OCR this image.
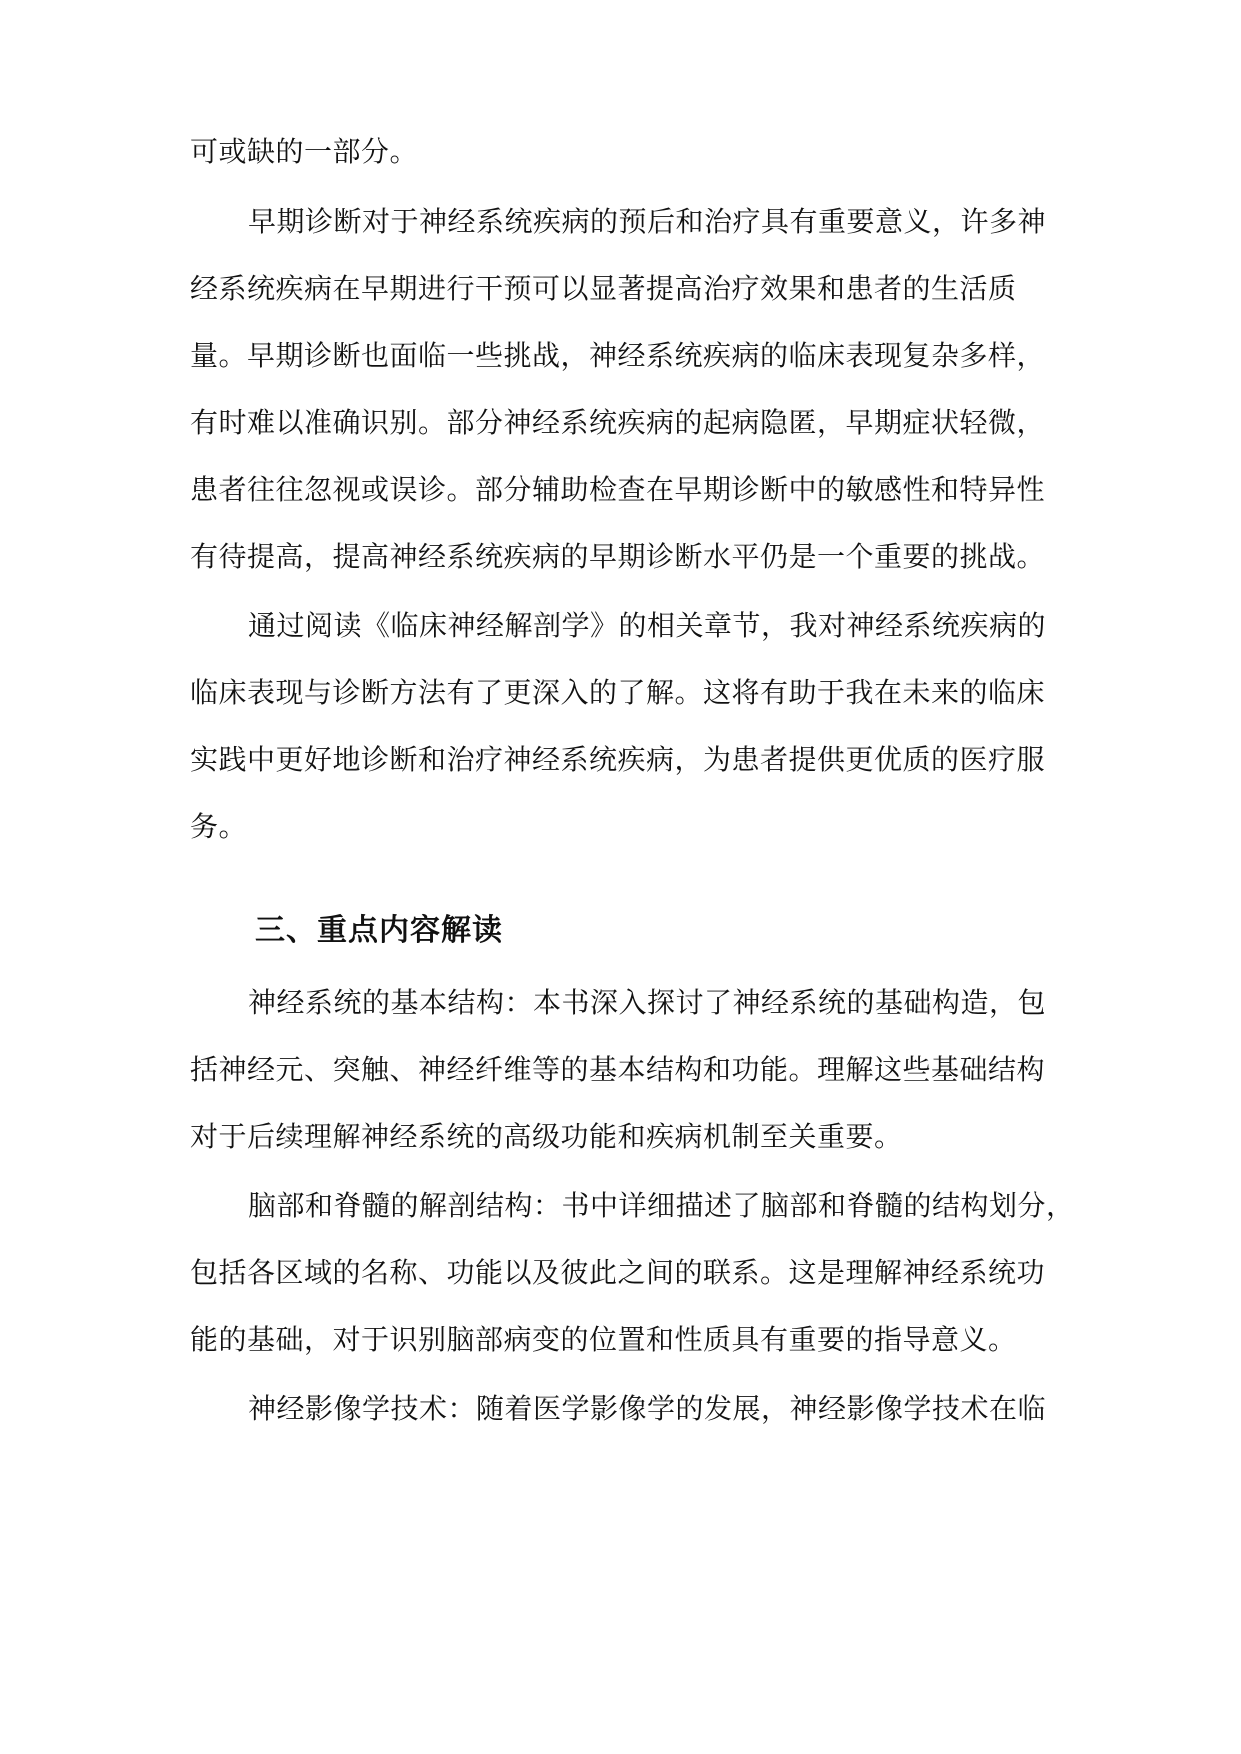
可或缺的一部分。
早期诊断对于神经系统疾病的预后和治疗具有重要意义，许多神
经系统疾病在早期进行干预可以显著提高治疗效果和患者的生活质
量。早期诊断也面临一些挑战，神经系统疾病的临床表现复杂多样，
有时难以准确识别。部分神经系统疾病的起病隐匿，早期症状轻微，
患者往往忽视或误诊。部分辅助检查在早期诊断中的敏感性和特异性
有待提高，提高神经系统疾病的早期诊断水平仍是一个重要的挑战。
通过阅读《临床神经解剖学》的相关章节，我对神经系统疾病的
临床表现与诊断方法有了更深入的了解。这将有助于我在未来的临床
实践中更好地诊断和治疗神经系统疾病，为患者提供更优质的医疗服
务。
三、重点内容解读
神经系统的基本结构：本书深入探讨了神经系统的基础构造，包
括神经元、突触、神经纤维等的基本结构和功能。理解这些基础结构
对于后续理解神经系统的高级功能和疾病机制至关重要。
脑部和脊髓的解剖结构：书中详细描述了脑部和脊髓的结构划分，
包括各区域的名称、功能以及彼此之间的联系。这是理解神经系统功
能的基础，对于识别脑部病变的位置和性质具有重要的指导意义。
神经影像学技术：随着医学影像学的发展，神经影像学技术在临
